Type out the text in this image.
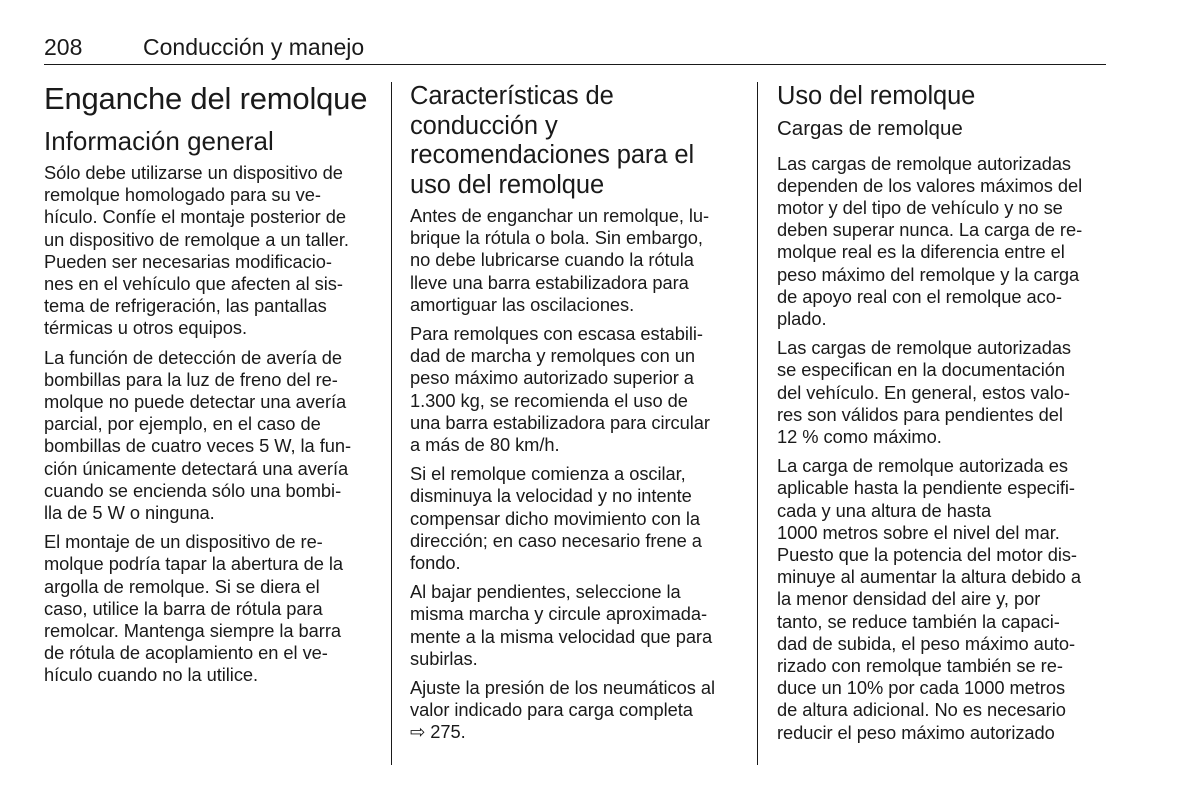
208	Conducción y manejo
Enganche del remolque
Información general

Sólo debe utilizarse un dispositivo de
remolque homologado para su ve-
hículo. Confíe el montaje posterior de
un dispositivo de remolque a un taller.
Pueden ser necesarias modificacio-
nes en el vehículo que afecten al sis-
tema de refrigeración, las pantallas
térmicas u otros equipos.

La función de detección de avería de
bombillas para la luz de freno del re-
molque no puede detectar una avería
parcial, por ejemplo, en el caso de
bombillas de cuatro veces 5 W, la fun-
ción únicamente detectará una avería
cuando se encienda sólo una bombi-
lla de 5 W o ninguna.

El montaje de un dispositivo de re-
molque podría tapar la abertura de la
argolla de remolque. Si se diera el
caso, utilice la barra de rótula para
remolcar. Mantenga siempre la barra
de rótula de acoplamiento en el ve-
hículo cuando no la utilice.

Características de
conducción y
recomendaciones para el
uso del remolque

Antes de enganchar un remolque, lu-
brique la rótula o bola. Sin embargo,
no debe lubricarse cuando la rótula
lleve una barra estabilizadora para
amortiguar las oscilaciones.

Para remolques con escasa estabili-
dad de marcha y remolques con un
peso máximo autorizado superior a
1.300 kg, se recomienda el uso de
una barra estabilizadora para circular
a más de 80 km/h.

Si el remolque comienza a oscilar,
disminuya la velocidad y no intente
compensar dicho movimiento con la
dirección; en caso necesario frene a
fondo.

Al bajar pendientes, seleccione la
misma marcha y circule aproximada-
mente a la misma velocidad que para
subirlas.

Ajuste la presión de los neumáticos al
valor indicado para carga completa
⇨ 275.

Uso del remolque
Cargas de remolque

Las cargas de remolque autorizadas
dependen de los valores máximos del
motor y del tipo de vehículo y no se
deben superar nunca. La carga de re-
molque real es la diferencia entre el
peso máximo del remolque y la carga
de apoyo real con el remolque aco-
plado.

Las cargas de remolque autorizadas
se especifican en la documentación
del vehículo. En general, estos valo-
res son válidos para pendientes del
12 % como máximo.

La carga de remolque autorizada es
aplicable hasta la pendiente especifi-
cada y una altura de hasta
1000 metros sobre el nivel del mar.
Puesto que la potencia del motor dis-
minuye al aumentar la altura debido a
la menor densidad del aire y, por
tanto, se reduce también la capaci-
dad de subida, el peso máximo auto-
rizado con remolque también se re-
duce un 10% por cada 1000 metros
de altura adicional. No es necesario
reducir el peso máximo autorizado
